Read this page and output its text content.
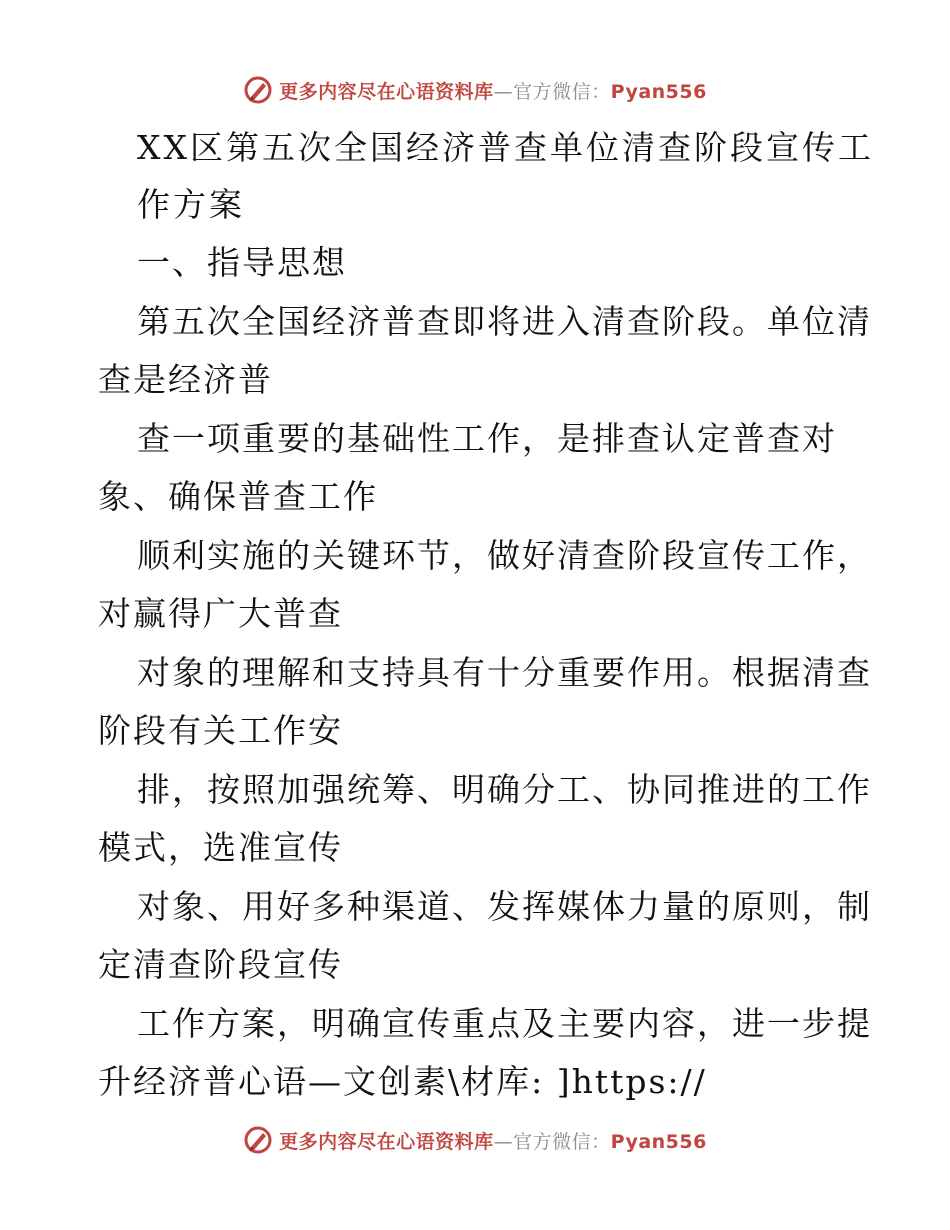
更多内容尽在心语资料库—官方微信：Pyan556
XX区第五次全国经济普查单位清查阶段宣传工
作方案
一、指导思想
第五次全国经济普查即将进入清查阶段。单位清
查是经济普
查一项重要的基础性工作，是排查认定普查对
象、确保普查工作
顺利实施的关键环节，做好清查阶段宣传工作，
对赢得广大普查
对象的理解和支持具有十分重要作用。根据清查
阶段有关工作安
排，按照加强统筹、明确分工、协同推进的工作
模式，选准宣传
对象、用好多种渠道、发挥媒体力量的原则，制
定清查阶段宣传
工作方案，明确宣传重点及主要内容，进一步提
升经济普心语—文创素\材库: ]https://
更多内容尽在心语资料库—官方微信：Pyan556
